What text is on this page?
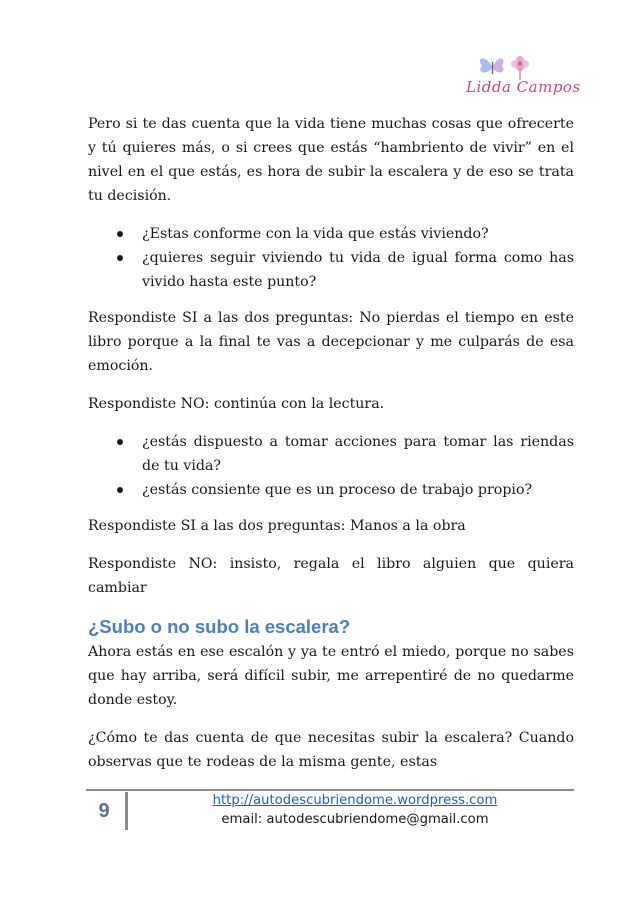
Lidda Campos

Pero si te das cuenta que la vida tiene muchas cosas que ofrecerte y tú quieres más, o si crees que estás “hambriento de vivir” en el nivel en el que estás, es hora de subir la escalera y de eso se trata tu decisión.

¿Estas conforme con la vida que estás viviendo?
¿quieres seguir viviendo tu vida de igual forma como has vivido hasta este punto?

Respondiste SI a las dos preguntas: No pierdas el tiempo en este libro porque a la final te vas a decepcionar y me culparás de esa emoción.

Respondiste NO: continúa con la lectura.

¿estás dispuesto a tomar acciones para tomar las riendas de tu vida?
¿estás consiente que es un proceso de trabajo propio?

Respondiste SI a las dos preguntas: Manos a la obra

Respondiste NO: insisto, regala el libro alguien que quiera cambiar

¿Subo o no subo la escalera?

Ahora estás en ese escalón y ya te entró el miedo, porque no sabes que hay arriba, será difícil subir, me arrepentiré de no quedarme donde estoy.

¿Cómo te das cuenta de que necesitas subir la escalera? Cuando observas que te rodeas de la misma gente, estas

9	http://autodescubriendome.wordpress.com
email: autodescubriendome@gmail.com
